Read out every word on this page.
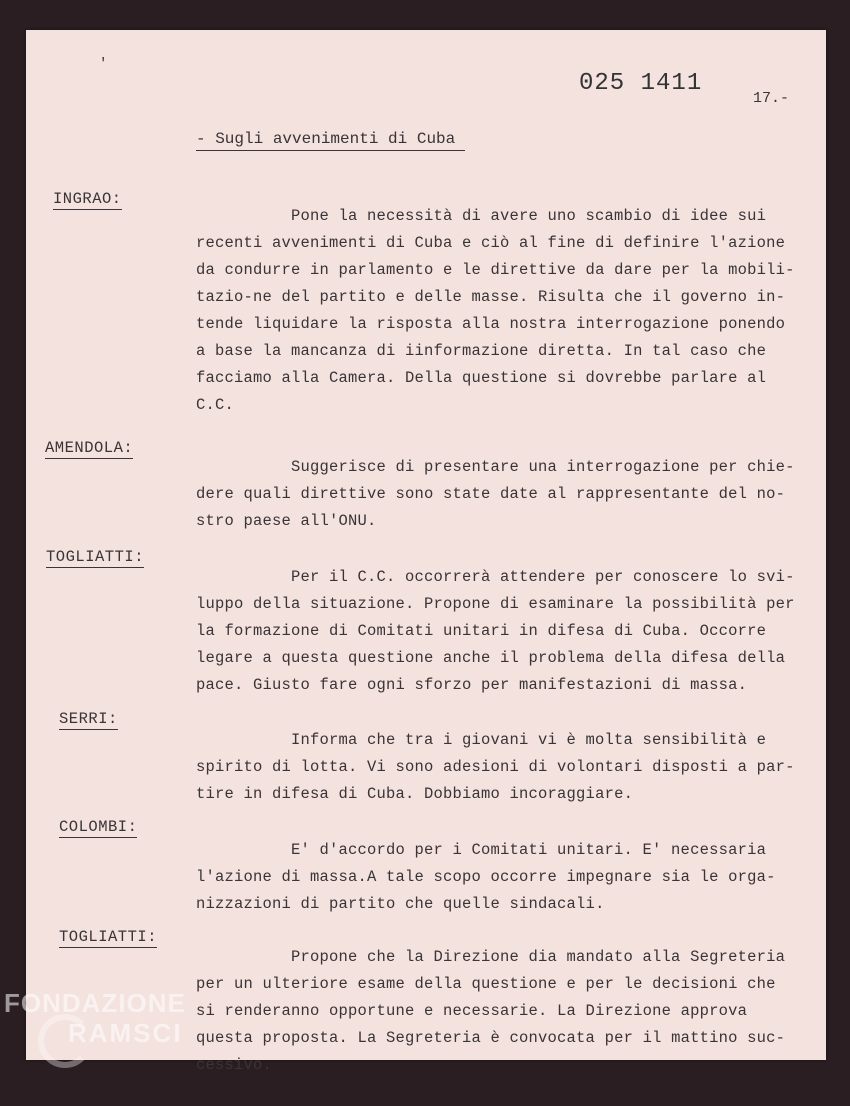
'
025 1411
17.-
- Sugli avvenimenti di Cuba
INGRAO:

Pone la necessità di avere uno scambio di idee sui
recenti avvenimenti di Cuba e ciò al fine di definire l'azione
da condurre in parlamento e le direttive da dare per la mobili-
tazio-ne del partito e delle masse. Risulta che il governo in-
tende liquidare la risposta alla nostra interrogazione ponendo
a base la mancanza di iinformazione diretta. In tal caso che
facciamo alla Camera. Della questione si dovrebbe parlare al
C.C.

AMENDOLA:

Suggerisce di presentare una interrogazione per chie-
dere quali direttive sono state date al rappresentante del no-
stro paese all'ONU.

TOGLIATTI:

Per il C.C. occorrerà attendere per conoscere lo svi-
luppo della situazione. Propone di esaminare la possibilità per
la formazione di Comitati unitari in difesa di Cuba. Occorre
legare a questa questione anche il problema della difesa della
pace. Giusto fare ogni sforzo per manifestazioni di massa.

SERRI:

Informa che tra i giovani vi è molta sensibilità e
spirito di lotta. Vi sono adesioni di volontari disposti a par-
tire in difesa di Cuba. Dobbiamo incoraggiare.

COLOMBI:

E' d'accordo per i Comitati unitari. E' necessaria
l'azione di massa.A tale scopo occorre impegnare sia le orga-
nizzazioni di partito che quelle sindacali.

TOGLIATTI:

Propone che la Direzione dia mandato alla Segreteria
per un ulteriore esame della questione e per le decisioni che
si renderanno opportune e necessarie. La Direzione approva
questa proposta. La Segreteria è convocata per il mattino suc-
cessivo.

FONDAZIONE
RAMSCI
